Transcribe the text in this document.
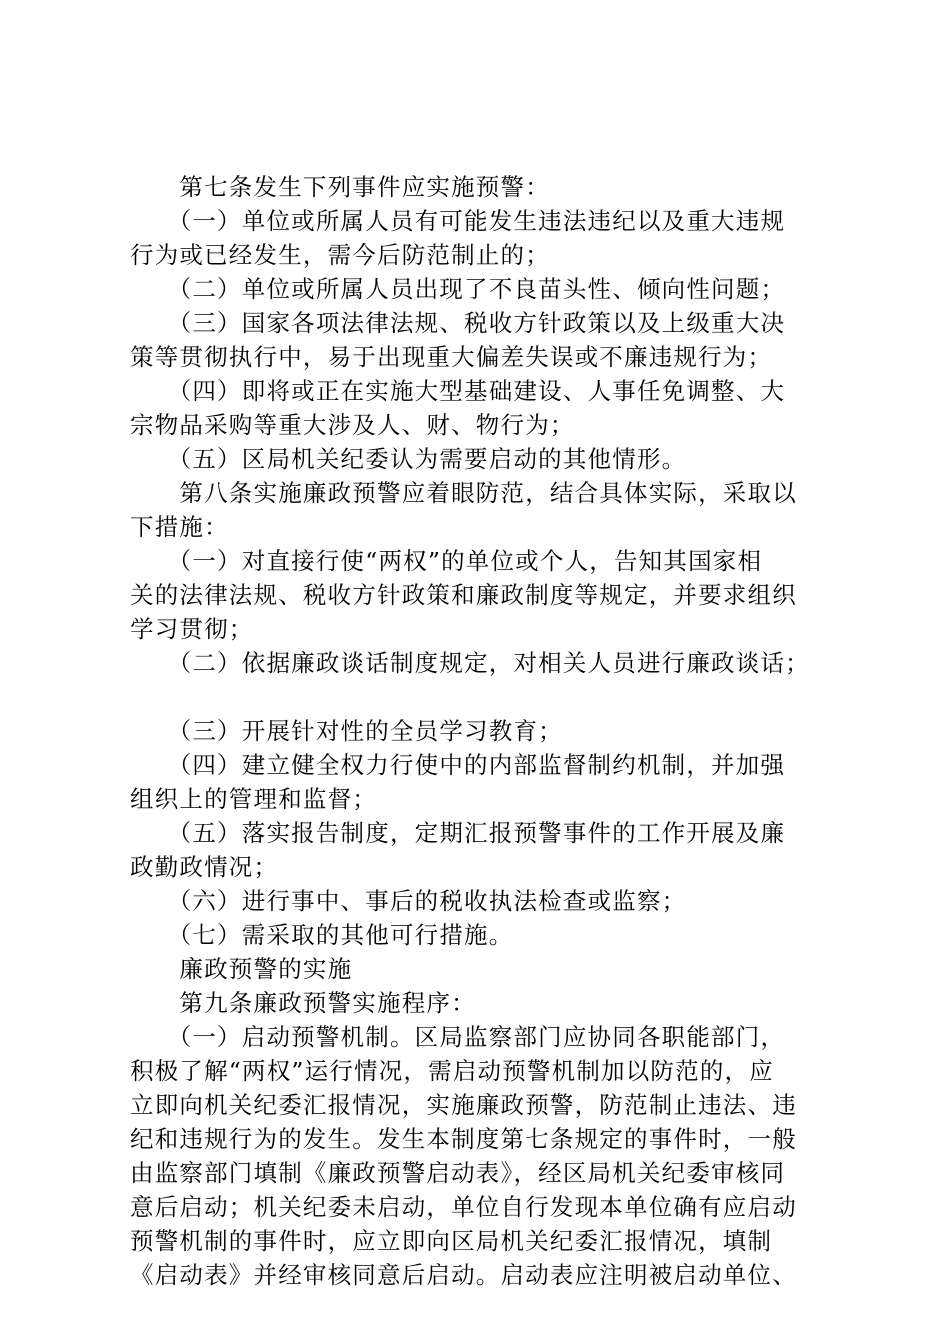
　　第七条发生下列事件应实施预警：
　　（一）单位或所属人员有可能发生违法违纪以及重大违规
行为或已经发生，需今后防范制止的；
　　（二）单位或所属人员出现了不良苗头性、倾向性问题；
　　（三）国家各项法律法规、税收方针政策以及上级重大决
策等贯彻执行中，易于出现重大偏差失误或不廉违规行为；
　　（四）即将或正在实施大型基础建设、人事任免调整、大
宗物品采购等重大涉及人、财、物行为；
　　（五）区局机关纪委认为需要启动的其他情形。
　　第八条实施廉政预警应着眼防范，结合具体实际，采取以
下措施：
　　（一）对直接行使“两权”的单位或个人，告知其国家相
关的法律法规、税收方针政策和廉政制度等规定，并要求组织
学习贯彻；
　　（二）依据廉政谈话制度规定，对相关人员进行廉政谈话；
　　（三）开展针对性的全员学习教育；
　　（四）建立健全权力行使中的内部监督制约机制，并加强
组织上的管理和监督；
　　（五）落实报告制度，定期汇报预警事件的工作开展及廉
政勤政情况；
　　（六）进行事中、事后的税收执法检查或监察；
　　（七）需采取的其他可行措施。
　　廉政预警的实施
　　第九条廉政预警实施程序：
　　（一）启动预警机制。区局监察部门应协同各职能部门，
积极了解“两权”运行情况，需启动预警机制加以防范的，应
立即向机关纪委汇报情况，实施廉政预警，防范制止违法、违
纪和违规行为的发生。发生本制度第七条规定的事件时，一般
由监察部门填制《廉政预警启动表》，经区局机关纪委审核同
意后启动；机关纪委未启动，单位自行发现本单位确有应启动
预警机制的事件时，应立即向区局机关纪委汇报情况，填制
《启动表》并经审核同意后启动。启动表应注明被启动单位、
